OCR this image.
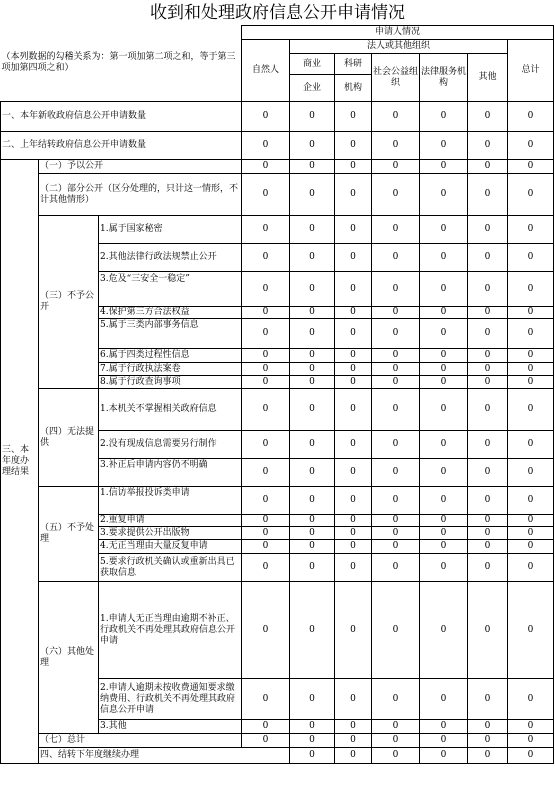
收到和处理政府信息公开申请情况
（本列数据的勾稽关系为：第一项加第二项之和，等于第三项加第四项之和）			申请人情况							
			自然人	法人或其他组织					总计	
				商业	科研	社会公益组织	法律服务机构	其他		
				企业	机构					
一、本年新收政府信息公开申请数量			0	0	0	0	0	0	0	
二、上年结转政府信息公开申请数量			0	0	0	0	0	0	0	
三、本年度办理结果	（一）予以公开		0	0	0	0	0	0	0	
	（二）部分公开（区分处理的，只计这一情形，不计其他情形）		0	0	0	0	0	0	0	
	（三）不予公开	1.属于国家秘密	0	0	0	0	0	0	0	
		2.其他法律行政法规禁止公开	0	0	0	0	0	0	0	
		3.危及“三安全一稳定”	0	0	0	0	0	0	0	
		4.保护第三方合法权益	0	0	0	0	0	0	0	
		5.属于三类内部事务信息	0	0	0	0	0	0	0	
		6.属于四类过程性信息	0	0	0	0	0	0	0	
		7.属于行政执法案卷	0	0	0	0	0	0	0	
		8.属于行政查询事项	0	0	0	0	0	0	0	
	（四）无法提供	1.本机关不掌握相关政府信息	0	0	0	0	0	0	0	
		2.没有现成信息需要另行制作	0	0	0	0	0	0	0	
		3.补正后申请内容仍不明确	0	0	0	0	0	0	0	
	（五）不予处理	1.信访举报投诉类申请	0	0	0	0	0	0	0	
		2.重复申请	0	0	0	0	0	0	0	
		3.要求提供公开出版物	0	0	0	0	0	0	0	
		4.无正当理由大量反复申请	0	0	0	0	0	0	0	
		5.要求行政机关确认或重新出具已获取信息	0	0	0	0	0	0	0	
	（六）其他处理	1.申请人无正当理由逾期不补正、行政机关不再处理其政府信息公开申请	0	0	0	0	0	0	0	
		2.申请人逾期未按收费通知要求缴纳费用、行政机关不再处理其政府信息公开申请	0	0	0	0	0	0	0	
		3.其他	0	0	0	0	0	0	0	
	（七）总计		0	0	0	0	0	0	0	
	四、结转下年度继续办理			0	0	0	0	0	0	
